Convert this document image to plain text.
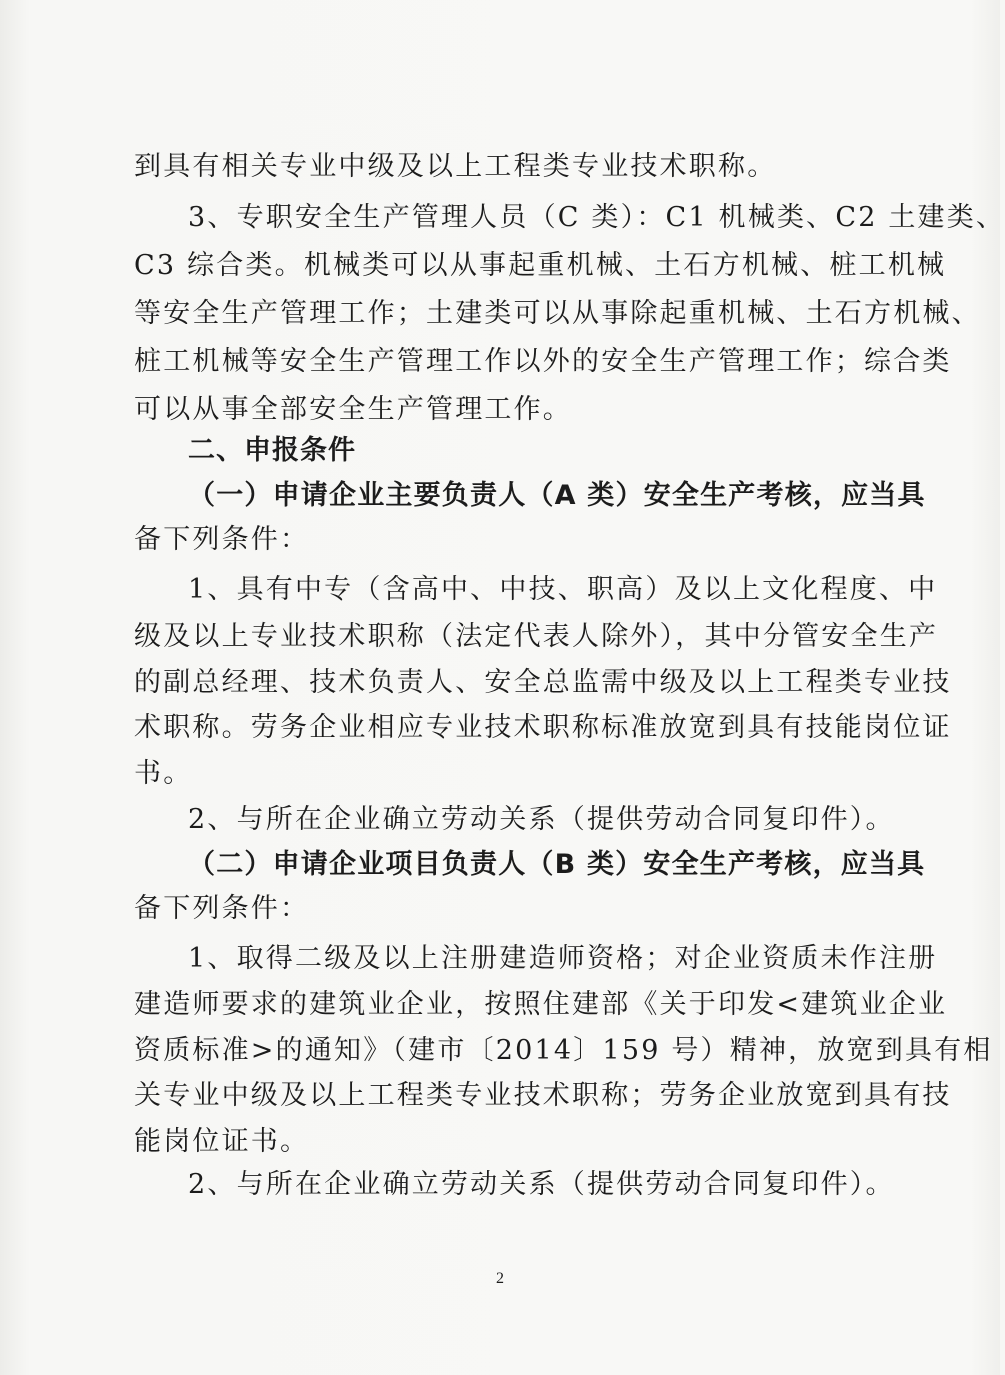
到具有相关专业中级及以上工程类专业技术职称。
3、专职安全生产管理人员（C 类）：C1 机械类、C2 土建类、
C3 综合类。机械类可以从事起重机械、土石方机械、桩工机械
等安全生产管理工作；土建类可以从事除起重机械、土石方机械、
桩工机械等安全生产管理工作以外的安全生产管理工作；综合类
可以从事全部安全生产管理工作。
二、申报条件
（一）申请企业主要负责人（A 类）安全生产考核，应当具
备下列条件：
1、具有中专（含高中、中技、职高）及以上文化程度、中
级及以上专业技术职称（法定代表人除外），其中分管安全生产
的副总经理、技术负责人、安全总监需中级及以上工程类专业技
术职称。劳务企业相应专业技术职称标准放宽到具有技能岗位证
书。
2、与所在企业确立劳动关系（提供劳动合同复印件）。
（二）申请企业项目负责人（B 类）安全生产考核，应当具
备下列条件：
1、取得二级及以上注册建造师资格；对企业资质未作注册
建造师要求的建筑业企业，按照住建部《关于印发<建筑业企业
资质标准>的通知》（建市〔2014〕159 号）精神，放宽到具有相
关专业中级及以上工程类专业技术职称；劳务企业放宽到具有技
能岗位证书。
2、与所在企业确立劳动关系（提供劳动合同复印件）。
2
